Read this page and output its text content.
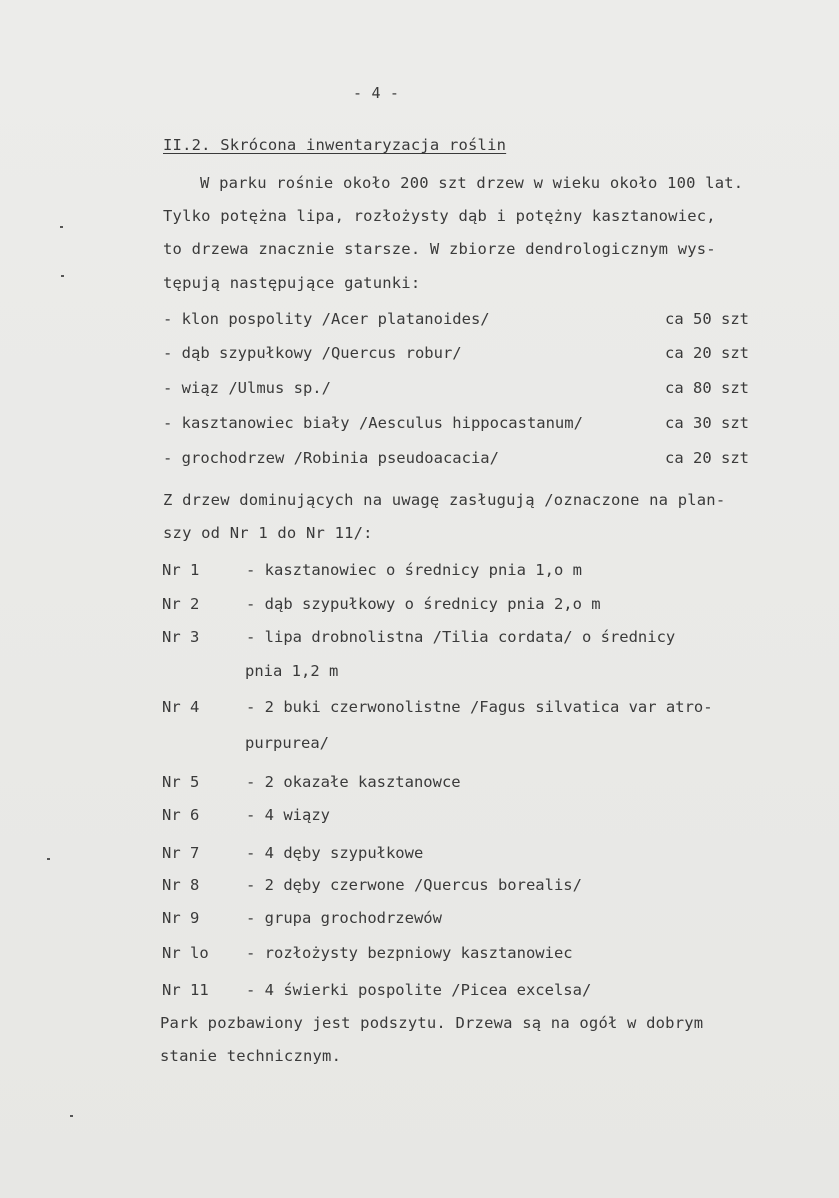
- 4 -
II.2. Skrócona inwentaryzacja roślin
W parku rośnie około 200 szt drzew w wieku około 100 lat.
Tylko potężna lipa, rozłożysty dąb i potężny kasztanowiec,
to drzewa znacznie starsze. W zbiorze dendrologicznym wys-
tępują następujące gatunki:
- klon pospolity /Acer platanoides/	ca 50 szt
- dąb szypułkowy /Quercus robur/	ca 20 szt
- wiąz /Ulmus sp./	ca 80 szt
- kasztanowiec biały /Aesculus hippocastanum/	ca 30 szt
- grochodrzew /Robinia pseudoacacia/	ca 20 szt
Z drzew dominujących na uwagę zasługują /oznaczone na plan-
szy od Nr 1 do Nr 11/:
Nr 1	- kasztanowiec o średnicy pnia 1,o m
Nr 2	- dąb szypułkowy o średnicy pnia 2,o m
Nr 3	- lipa drobnolistna /Tilia cordata/ o średnicy
pnia 1,2 m
Nr 4	- 2 buki czerwonolistne /Fagus silvatica var atro-
purpurea/
Nr 5	- 2 okazałe kasztanowce
Nr 6	- 4 wiązy
Nr 7	- 4 dęby szypułkowe
Nr 8	- 2 dęby czerwone /Quercus borealis/
Nr 9	- grupa grochodrzewów
Nr lo - rozłożysty bezpniowy kasztanowiec
Nr 11 - 4 świerki pospolite /Picea excelsa/
Park pozbawiony jest podszytu. Drzewa są na ogół w dobrym
stanie technicznym.
